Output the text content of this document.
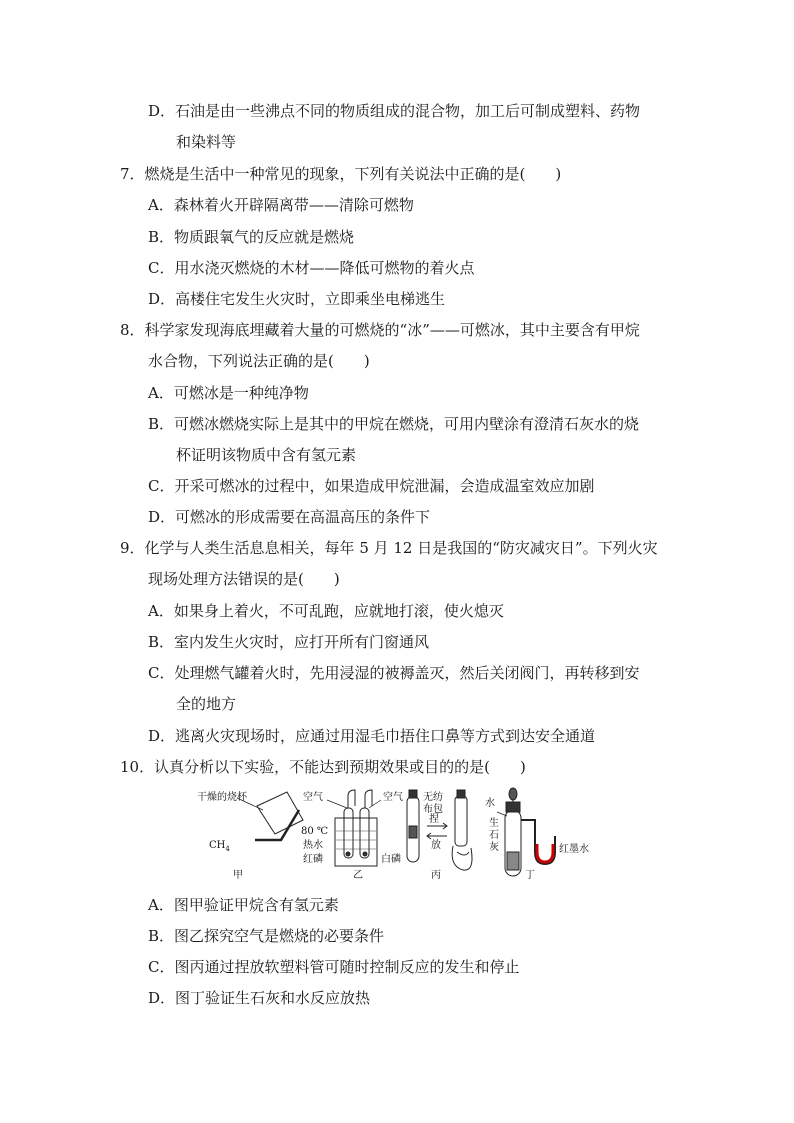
D．石油是由一些沸点不同的物质组成的混合物，加工后可制成塑料、药物
和染料等
7．燃烧是生活中一种常见的现象，下列有关说法中正确的是(　　)
A．森林着火开辟隔离带——清除可燃物
B．物质跟氧气的反应就是燃烧
C．用水浇灭燃烧的木材——降低可燃物的着火点
D．高楼住宅发生火灾时，立即乘坐电梯逃生
8．科学家发现海底埋藏着大量的可燃烧的“冰”——可燃冰，其中主要含有甲烷
水合物，下列说法正确的是(　　)
A．可燃冰是一种纯净物
B．可燃冰燃烧实际上是其中的甲烷在燃烧，可用内壁涂有澄清石灰水的烧
杯证明该物质中含有氢元素
C．开采可燃冰的过程中，如果造成甲烷泄漏，会造成温室效应加剧
D．可燃冰的形成需要在高温高压的条件下
9．化学与人类生活息息相关，每年 5 月 12 日是我国的“防灾减灾日”。下列火灾
现场处理方法错误的是(　　)
A．如果身上着火，不可乱跑，应就地打滚，使火熄灭
B．室内发生火灾时，应打开所有门窗通风
C．处理燃气罐着火时，先用浸湿的被褥盖灭，然后关闭阀门，再转移到安
全的地方
D．逃离火灾现场时，应通过用湿毛巾捂住口鼻等方式到达安全通道
10．认真分析以下实验，不能达到预期效果或目的的是(　　)
干燥的烧杯
$CH_4$
甲
空气	空气
80 ℃
热水
红磷	白磷
乙
无纺
布包
捏
放
丙
水
生
石
灰	红墨水
丁
A．图甲验证甲烷含有氢元素
B．图乙探究空气是燃烧的必要条件
C．图丙通过捏放软塑料管可随时控制反应的发生和停止
D．图丁验证生石灰和水反应放热
